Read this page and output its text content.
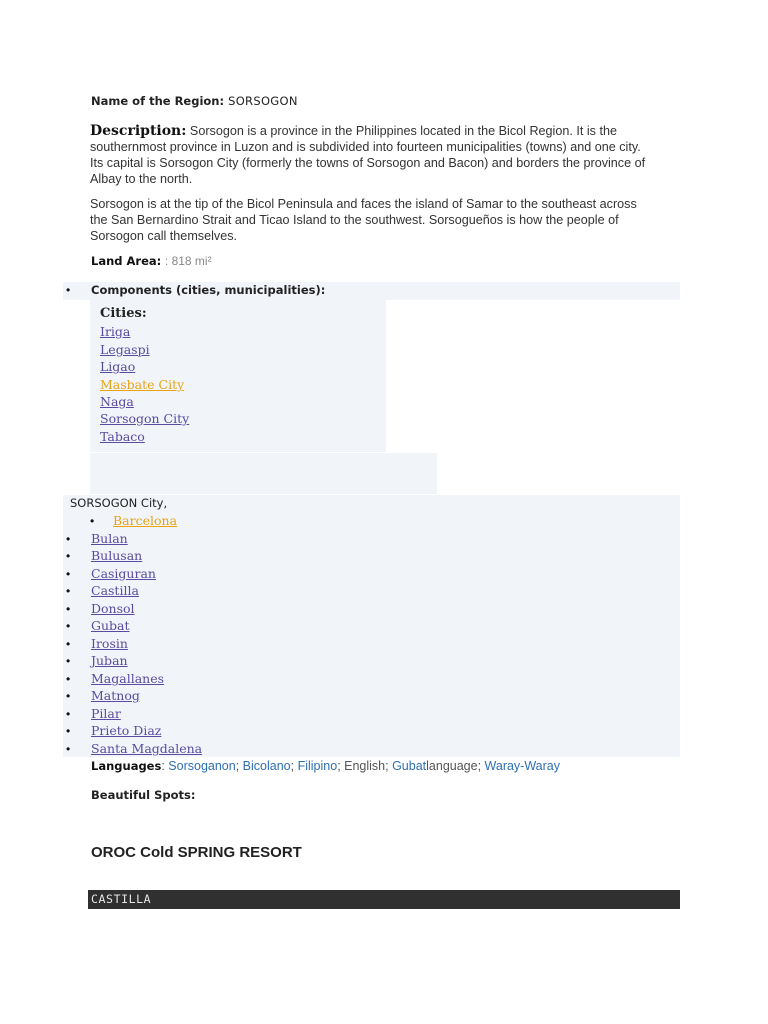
Name of the Region: SORSOGON
Description: Sorsogon is a province in the Philippines located in the Bicol Region. It is the
southernmost province in Luzon and is subdivided into fourteen municipalities (towns) and one city.
Its capital is Sorsogon City (formerly the towns of Sorsogon and Bacon) and borders the province of
Albay to the north.
Sorsogon is at the tip of the Bicol Peninsula and faces the island of Samar to the southeast across
the San Bernardino Strait and Ticao Island to the southwest. Sorsogueños is how the people of
Sorsogon call themselves.
Land Area: : 818 mi²
• Components (cities, municipalities):
Cities:
Iriga
Legaspi
Ligao
Masbate City
Naga
Sorsogon City
Tabaco
SORSOGON City,
• Barcelona
• Bulan
• Bulusan
• Casiguran
• Castilla
• Donsol
• Gubat
• Irosin
• Juban
• Magallanes
• Matnog
• Pilar
• Prieto Diaz
• Santa Magdalena
Languages: Sorsoganon; Bicolano; Filipino; English; Gubatlanguage; Waray-Waray
Beautiful Spots:
OROC Cold SPRING RESORT
CASTILLA
